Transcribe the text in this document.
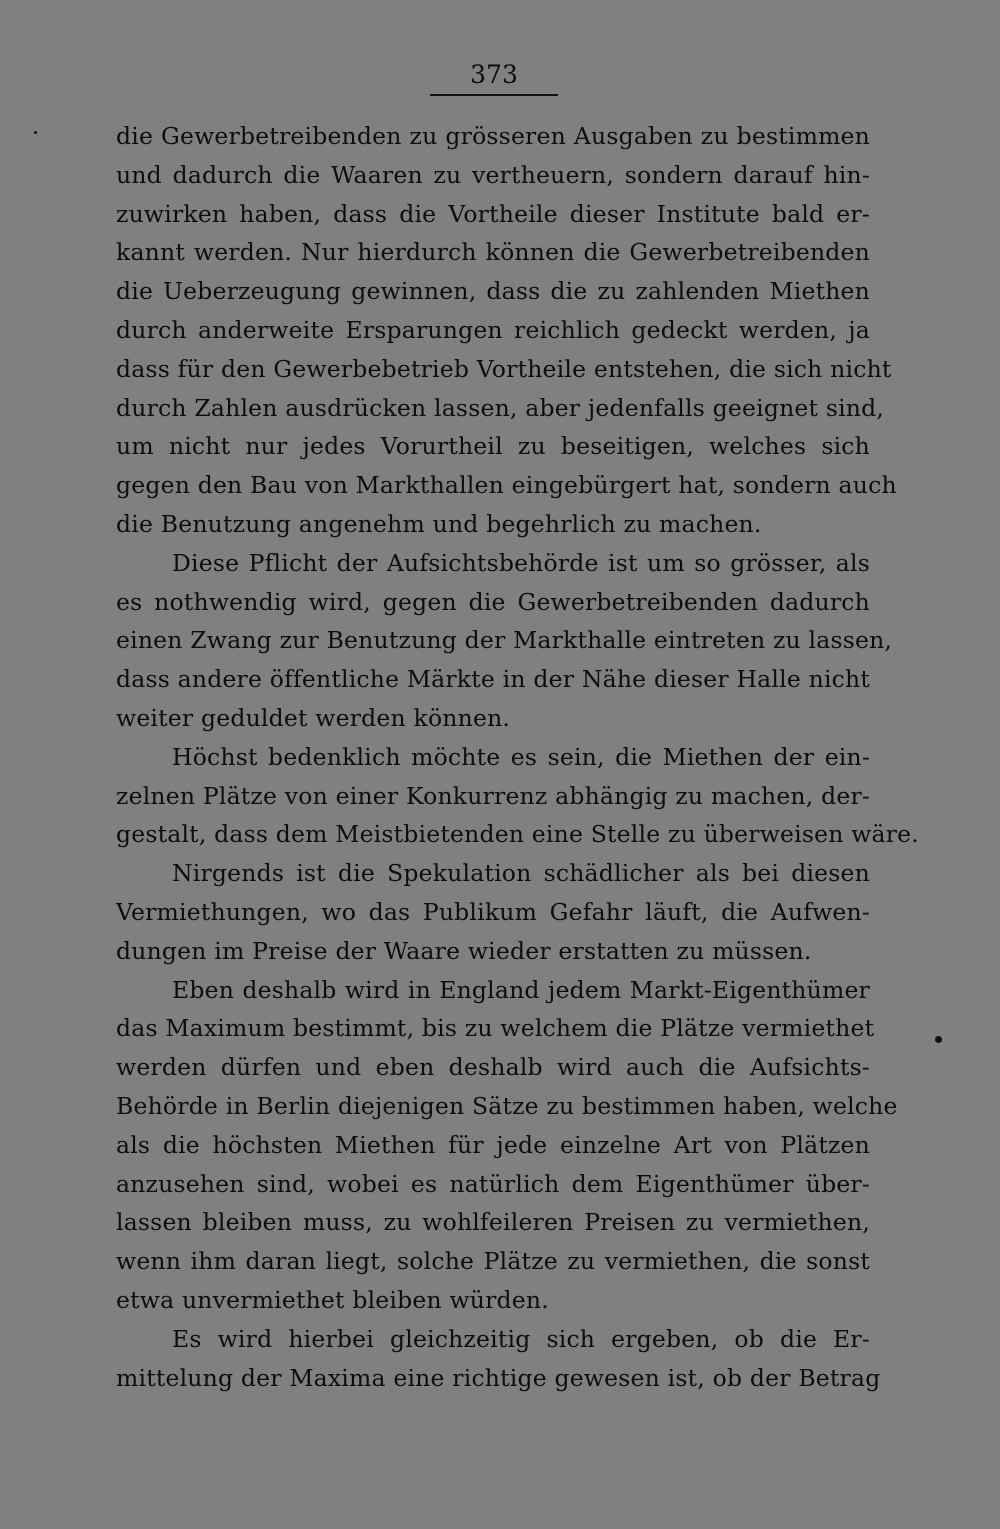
373
die Gewerbetreibenden zu grösseren Ausgaben zu bestimmen
und dadurch die Waaren zu vertheuern, sondern darauf hin-
zuwirken haben, dass die Vortheile dieser Institute bald er-
kannt werden. Nur hierdurch können die Gewerbetreibenden
die Ueberzeugung gewinnen, dass die zu zahlenden Miethen
durch anderweite Ersparungen reichlich gedeckt werden, ja
dass für den Gewerbebetrieb Vortheile entstehen, die sich nicht
durch Zahlen ausdrücken lassen, aber jedenfalls geeignet sind,
um nicht nur jedes Vorurtheil zu beseitigen, welches sich
gegen den Bau von Markthallen eingebürgert hat, sondern auch
die Benutzung angenehm und begehrlich zu machen.
Diese Pflicht der Aufsichtsbehörde ist um so grösser, als
es nothwendig wird, gegen die Gewerbetreibenden dadurch
einen Zwang zur Benutzung der Markthalle eintreten zu lassen,
dass andere öffentliche Märkte in der Nähe dieser Halle nicht
weiter geduldet werden können.
Höchst bedenklich möchte es sein, die Miethen der ein-
zelnen Plätze von einer Konkurrenz abhängig zu machen, der-
gestalt, dass dem Meistbietenden eine Stelle zu überweisen wäre.
Nirgends ist die Spekulation schädlicher als bei diesen
Vermiethungen, wo das Publikum Gefahr läuft, die Aufwen-
dungen im Preise der Waare wieder erstatten zu müssen.
Eben deshalb wird in England jedem Markt-Eigenthümer
das Maximum bestimmt, bis zu welchem die Plätze vermiethet
werden dürfen und eben deshalb wird auch die Aufsichts-
Behörde in Berlin diejenigen Sätze zu bestimmen haben, welche
als die höchsten Miethen für jede einzelne Art von Plätzen
anzusehen sind, wobei es natürlich dem Eigenthümer über-
lassen bleiben muss, zu wohlfeileren Preisen zu vermiethen,
wenn ihm daran liegt, solche Plätze zu vermiethen, die sonst
etwa unvermiethet bleiben würden.
Es wird hierbei gleichzeitig sich ergeben, ob die Er-
mittelung der Maxima eine richtige gewesen ist, ob der Betrag
